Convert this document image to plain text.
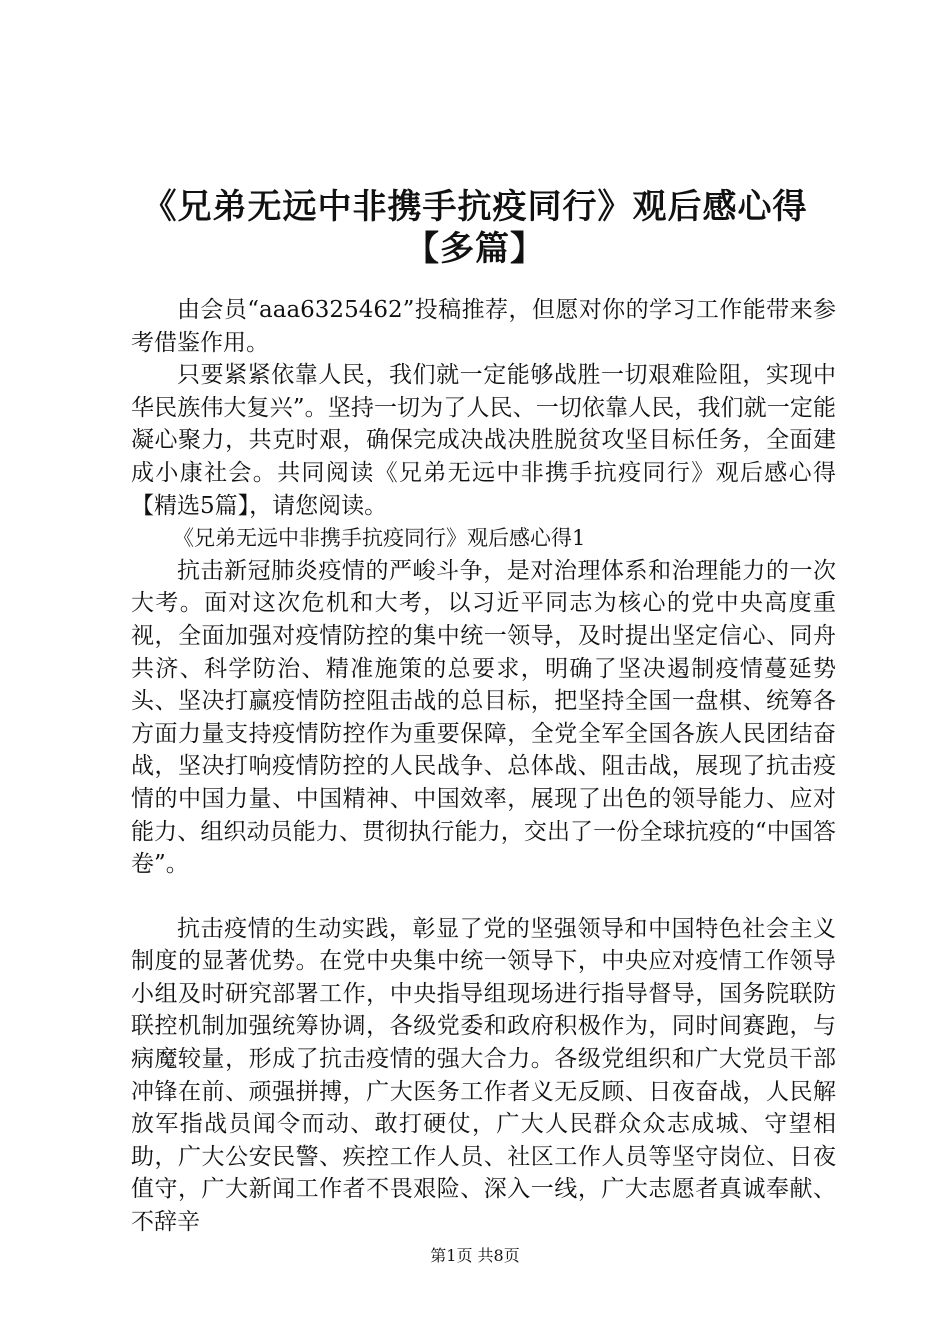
《兄弟无远中非携手抗疫同行》观后感心得
【多篇】

由会员“aaa6325462”投稿推荐，但愿对你的学习工作能带来参考借鉴作用。

只要紧紧依靠人民，我们就一定能够战胜一切艰难险阻，实现中华民族伟大复兴”。坚持一切为了人民、一切依靠人民，我们就一定能凝心聚力，共克时艰，确保完成决战决胜脱贫攻坚目标任务，全面建成小康社会。共同阅读《兄弟无远中非携手抗疫同行》观后感心得【精选5篇】，请您阅读。

《兄弟无远中非携手抗疫同行》观后感心得1

抗击新冠肺炎疫情的严峻斗争，是对治理体系和治理能力的一次大考。面对这次危机和大考，以习近平同志为核心的党中央高度重视，全面加强对疫情防控的集中统一领导，及时提出坚定信心、同舟共济、科学防治、精准施策的总要求，明确了坚决遏制疫情蔓延势头、坚决打赢疫情防控阻击战的总目标，把坚持全国一盘棋、统筹各方面力量支持疫情防控作为重要保障，全党全军全国各族人民团结奋战，坚决打响疫情防控的人民战争、总体战、阻击战，展现了抗击疫情的中国力量、中国精神、中国效率，展现了出色的领导能力、应对能力、组织动员能力、贯彻执行能力，交出了一份全球抗疫的“中国答卷”。

抗击疫情的生动实践，彰显了党的坚强领导和中国特色社会主义制度的显著优势。在党中央集中统一领导下，中央应对疫情工作领导小组及时研究部署工作，中央指导组现场进行指导督导，国务院联防联控机制加强统筹协调，各级党委和政府积极作为，同时间赛跑，与病魔较量，形成了抗击疫情的强大合力。各级党组织和广大党员干部冲锋在前、顽强拼搏，广大医务工作者义无反顾、日夜奋战，人民解放军指战员闻令而动、敢打硬仗，广大人民群众众志成城、守望相助，广大公安民警、疾控工作人员、社区工作人员等坚守岗位、日夜值守，广大新闻工作者不畏艰险、深入一线，广大志愿者真诚奉献、不辞辛

第1页 共8页
